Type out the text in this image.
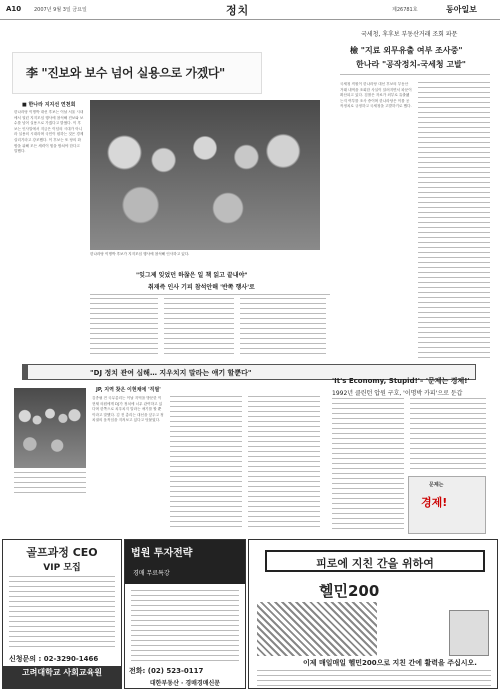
A10	2007년 9월 3일 금요일	정치	제26781호	동아일보
李 "진보와 보수 넘어 실용으로 가겠다"
국세청, 후후보 부동산거래 조회 파문
檢 "지료 외무유출 여부 조사중"
한나라 "공작정치-국세청 고발"
■ 한나라 지지선 연천회
한나라당 이명박 대선 후보는 이날 서울 시내에서 열린 지지모임 행사에 참석해 진보와 보수를 넘어 실용으로 가겠다고 밝혔다. 이 후보는 인사말에서 지금은 이념의 시대가 아니라 실용의 시대라며 국민이 원하는 것은 경제 살리기라고 강조했다. 이 후보는 또 당의 화합을 위해 모든 세력이 힘을 합쳐야 한다고 말했다.
한나라당 이명박 후보가 지지모임 행사에 참석해 인사하고 있다.
"잊그제 잊었던 하찮은 일 책 읽고 끝내야"
취재즉 인사 기피 참석안해 '반쪽 행사'로
국세청 직원이 한나라당 대선 후보의 부동산 거래 내역을 조회한 사실이 알려지면서 파문이 확산되고 있다. 검찰은 자료가 외부로 유출됐는지 여부를 조사 중이며 한나라당은 이를 공작정치로 규정하고 국세청을 고발하기로 했다.
"DJ 정치 관여 심해… 지우치지 말라는 얘기 할뿐다"
JP, 지역 찾은 이현채에 '직필'
김종필 전 국무총리는 이날 지역을 방문한 이현채 의원에게 DJ가 정치에 너무 관여하고 있다며 한쪽으로 치우치지 말라는 얘기를 할 뿐이라고 말했다. 김 전 총리는 대선을 앞두고 정치권의 움직임을 지켜보고 있다고 덧붙였다.
'It's Economy, Stupid!'– '문제는 경제!'
1992년 클린턴 압원 구호, '이명박 카피'으로 둔갑
문제는
경제!
골프과정 CEO
VIP 모집
신청문의 : 02-3290-1466
고려대학교 사회교육원
법원 투자전략
경매 무료특강
전화: (02) 523-0117
대한부동산 · 경매경매신문
피로에 지친 간을 위하여
헬민200
이제 매일매일 헬민200으로 지친 간에 활력을 주십시오.
